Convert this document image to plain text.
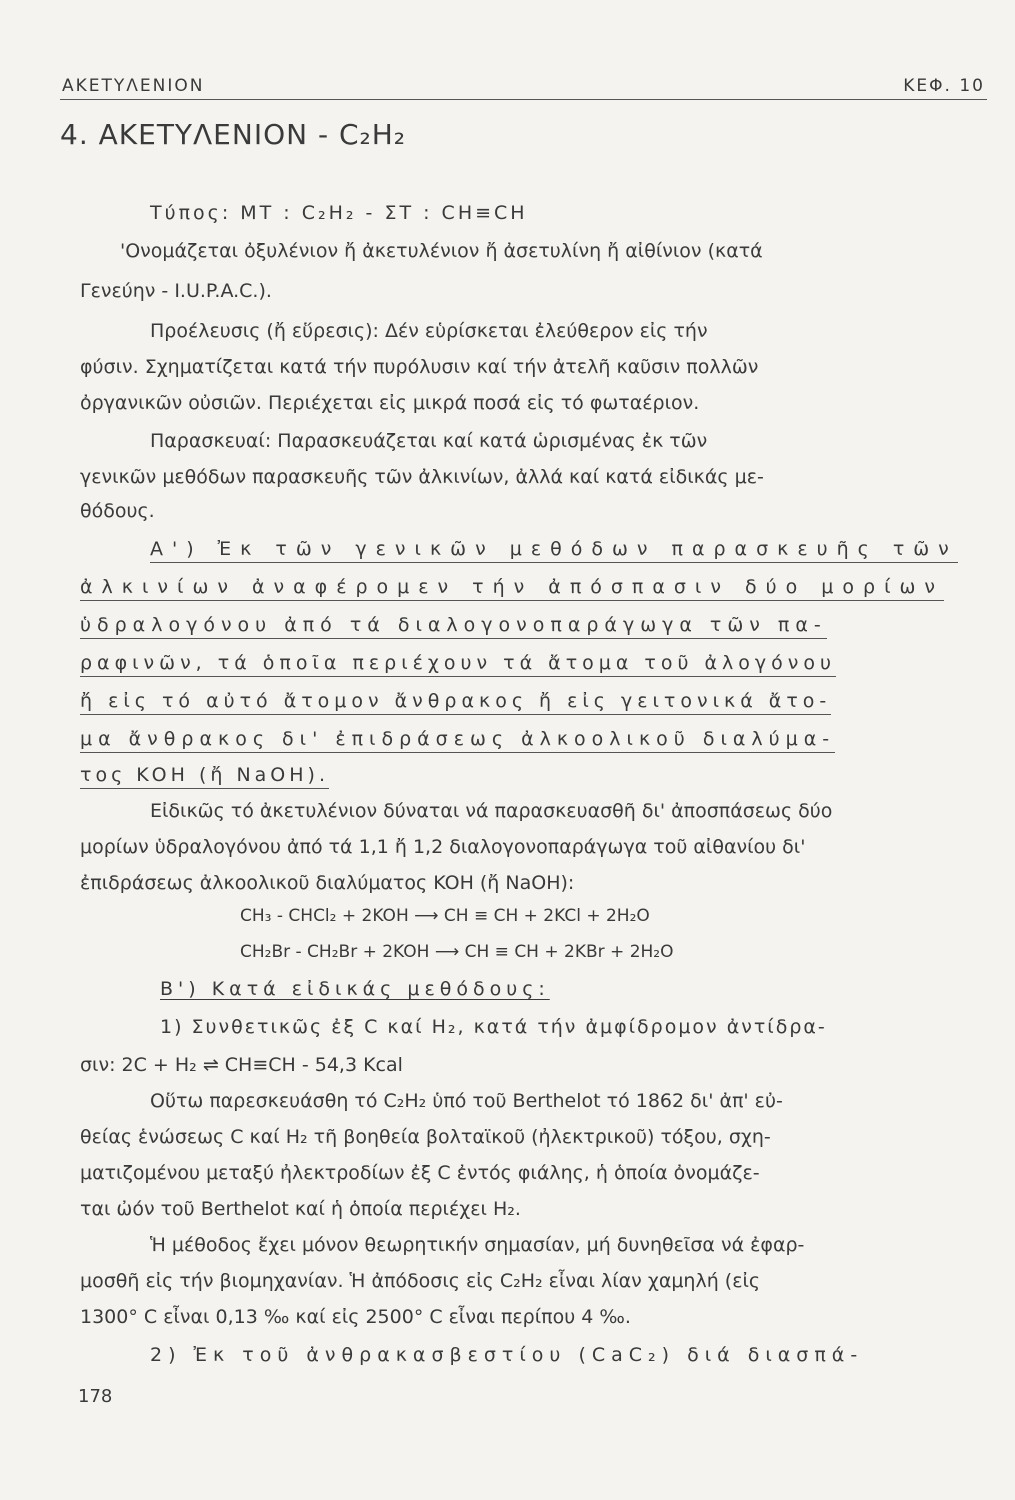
ΑΚΕΤΥΛΕΝΙΟΝ	ΚΕΦ. 10
4. ΑΚΕΤΥΛΕΝΙΟΝ - C₂H₂
Τύπος: ΜΤ : C₂H₂ - ΣΤ : CH≡CH
'Ονομάζεται ὀξυλένιον ἤ ἀκετυλένιον ἤ ἀσετυλίνη ἤ αἰθίνιον (κατά
Γενεύην - I.U.P.A.C.).
Προέλευσις (ἤ εὕρεσις): Δέν εὑρίσκεται ἐλεύθερον εἰς τήν
φύσιν. Σχηματίζεται κατά τήν πυρόλυσιν καί τήν ἀτελῆ καῦσιν πολλῶν
ὀργανικῶν οὐσιῶν. Περιέχεται εἰς μικρά ποσά εἰς τό φωταέριον.
Παρασκευαί: Παρασκευάζεται καί κατά ὡρισμένας ἐκ τῶν
γενικῶν μεθόδων παρασκευῆς τῶν ἀλκινίων, ἀλλά καί κατά εἰδικάς με-
θόδους.
Α') Ἐκ τῶν γενικῶν μεθόδων παρασκευῆς τῶν
ἀλκινίων ἀναφέρομεν τήν ἀπόσπασιν δύο μορίων
ὑδραλογόνου ἀπό τά διαλογονοπαράγωγα τῶν πα-
ραφινῶν, τά ὁποῖα περιέχουν τά ἄτομα τοῦ ἀλογόνου
ἤ εἰς τό αὐτό ἄτομον ἄνθρακος ἤ εἰς γειτονικά ἄτο-
μα ἄνθρακος δι' ἐπιδράσεως ἀλκοολικοῦ διαλύμα-
τος KOH (ἤ NaOH).
Εἰδικῶς τό ἀκετυλένιον δύναται νά παρασκευασθῆ δι' ἀποσπάσεως δύο
μορίων ὑδραλογόνου ἀπό τά 1,1 ἤ 1,2 διαλογονοπαράγωγα τοῦ αἰθανίου δι'
ἐπιδράσεως ἀλκοολικοῦ διαλύματος KOH (ἤ NaOH):
CH₃ - CHCl₂ + 2KOH ⟶ CH ≡ CH + 2KCl + 2H₂O
CH₂Br - CH₂Br + 2KOH ⟶ CH ≡ CH + 2KBr + 2H₂O
Β') Κατά εἰδικάς μεθόδους:
1) Συνθετικῶς ἐξ C καί H₂, κατά τήν ἀμφίδρομον ἀντίδρα-
σιν: 2C + H₂ ⇌ CH≡CH - 54,3 Kcal
Οὕτω παρεσκευάσθη τό C₂H₂ ὑπό τοῦ Berthelot τό 1862 δι' ἀπ' εὐ-
θείας ἑνώσεως C καί H₂ τῆ βοηθεία βολταϊκοῦ (ἠλεκτρικοῦ) τόξου, σχη-
ματιζομένου μεταξύ ἠλεκτροδίων ἐξ C ἐντός φιάλης, ἡ ὁποία ὀνομάζε-
ται ὠόν τοῦ Berthelot καί ἡ ὁποία περιέχει H₂.
Ἡ μέθοδος ἔχει μόνον θεωρητικήν σημασίαν, μή δυνηθεῖσα νά ἐφαρ-
μοσθῆ εἰς τήν βιομηχανίαν. Ἡ ἀπόδοσις εἰς C₂H₂ εἶναι λίαν χαμηλή (εἰς
1300° C εἶναι 0,13 ‰ καί εἰς 2500° C εἶναι περίπου 4 ‰.
2) Ἐκ τοῦ ἀνθρακασβεστίου (CaC₂) διά διασπά-
178
